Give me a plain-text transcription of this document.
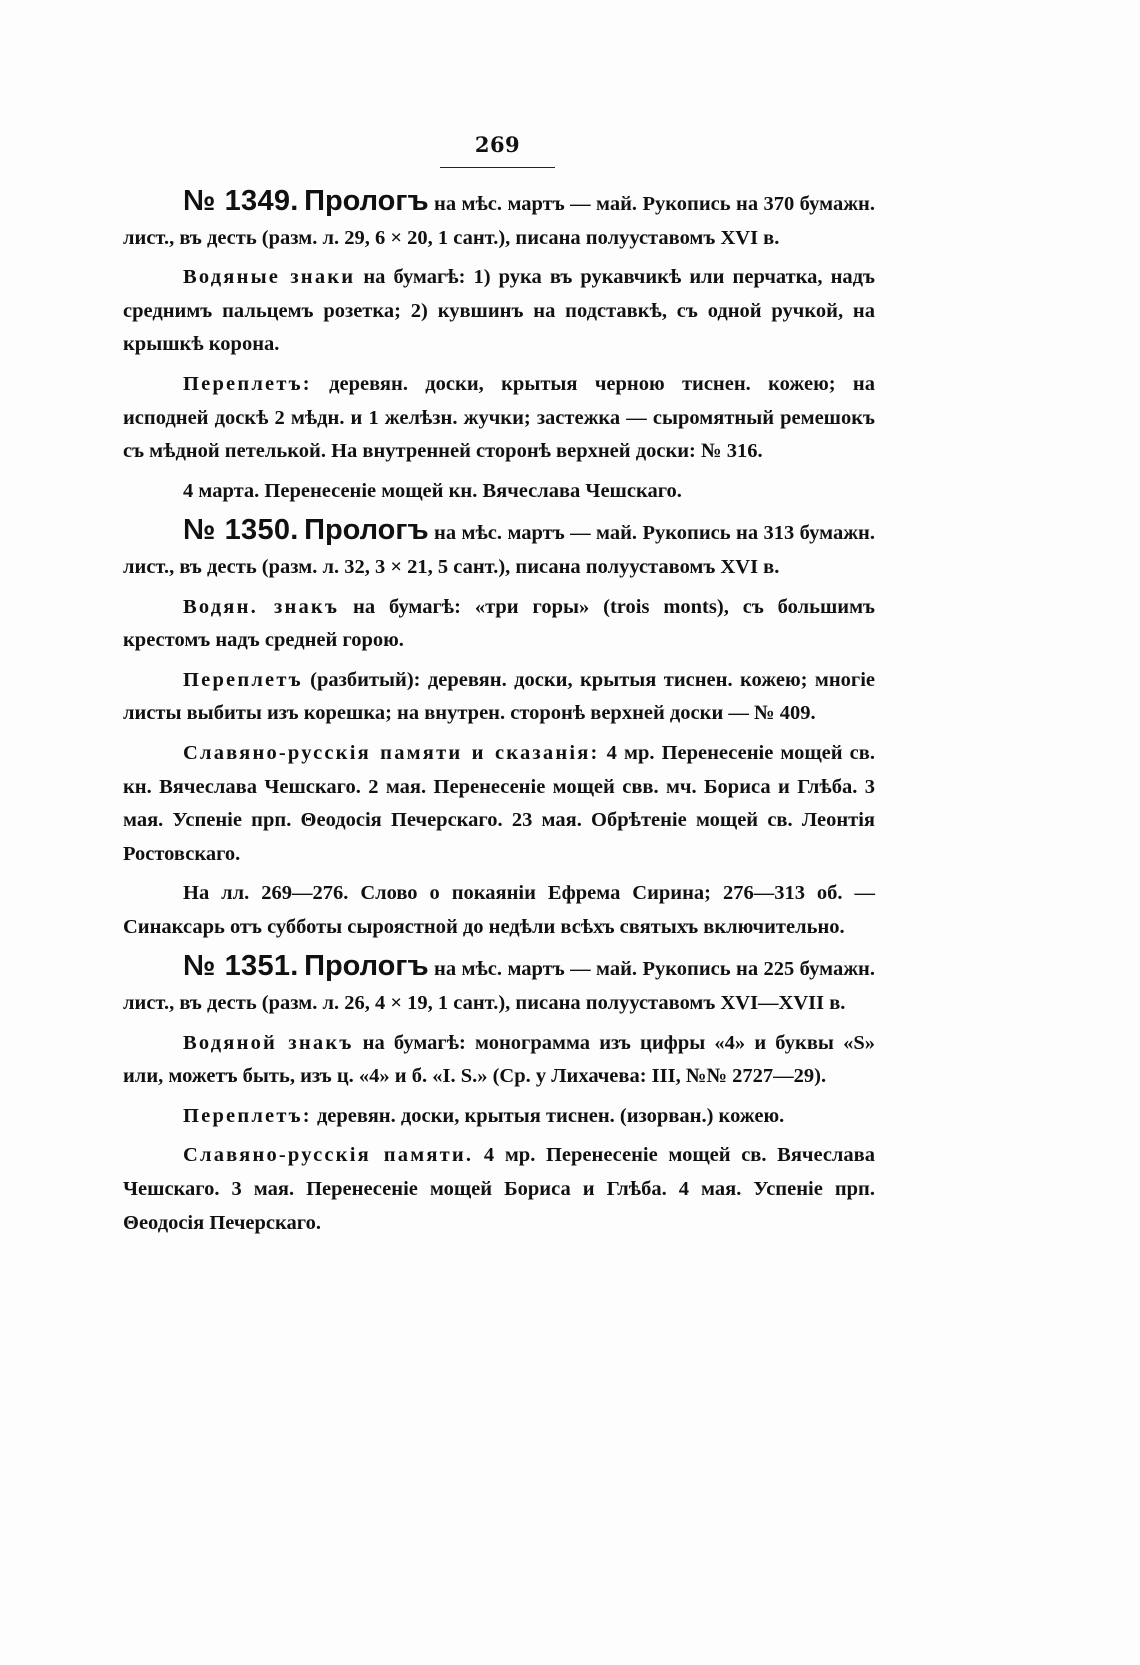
269

№ 1349. Прологъ на мѣс. мартъ — май. Рукопись на 370 бумажн. лист., въ десть (разм. л. 29, 6 × 20, 1 сант.), писана полууставомъ XVI в.

Водяные знаки на бумагѣ: 1) рука въ рукавчикѣ или перчатка, надъ среднимъ пальцемъ розетка; 2) кувшинъ на подставкѣ, съ одной ручкой, на крышкѣ корона.

Переплетъ: деревян. доски, крытыя черною тиснен. кожею; на исподней доскѣ 2 мѣдн. и 1 желѣзн. жучки; застежка — сыромятный ремешокъ съ мѣдной петелькой. На внутренней сторонѣ верхней доски: № 316.

4 марта. Перенесеніе мощей кн. Вячеслава Чешскаго.

№ 1350. Прологъ на мѣс. мартъ — май. Рукопись на 313 бумажн. лист., въ десть (разм. л. 32, 3 × 21, 5 сант.), писана полууставомъ XVI в.

Водян. знакъ на бумагѣ: «три горы» (trois monts), съ большимъ крестомъ надъ средней горою.

Переплетъ (разбитый): деревян. доски, крытыя тиснен. кожею; многіе листы выбиты изъ корешка; на внутрен. сторонѣ верхней доски — № 409.

Славяно-русскія памяти и сказанія: 4 мр. Перенесеніе мощей св. кн. Вячеслава Чешскаго. 2 мая. Перенесеніе мощей свв. мч. Бориса и Глѣба. 3 мая. Успеніе прп. Θеодосія Печерскаго. 23 мая. Обрѣтеніе мощей св. Леонтія Ростовскаго.

На лл. 269—276. Слово о покаяніи Ефрема Сирина; 276—313 об. — Синаксарь отъ субботы сыроястной до недѣли всѣхъ святыхъ включительно.

№ 1351. Прологъ на мѣс. мартъ — май. Рукопись на 225 бумажн. лист., въ десть (разм. л. 26, 4 × 19, 1 сант.), писана полууставомъ XVI—XVII в.

Водяной знакъ на бумагѣ: монограмма изъ цифры «4» и буквы «S» или, можетъ быть, изъ ц. «4» и б. «I. S.» (Ср. у Лихачева: III, №№ 2727—29).

Переплетъ: деревян. доски, крытыя тиснен. (изорван.) кожею.

Славяно-русскія памяти. 4 мр. Перенесеніе мощей св. Вячеслава Чешскаго. 3 мая. Перенесеніе мощей Бориса и Глѣба. 4 мая. Успеніе прп. Θеодосія Печерскаго.
